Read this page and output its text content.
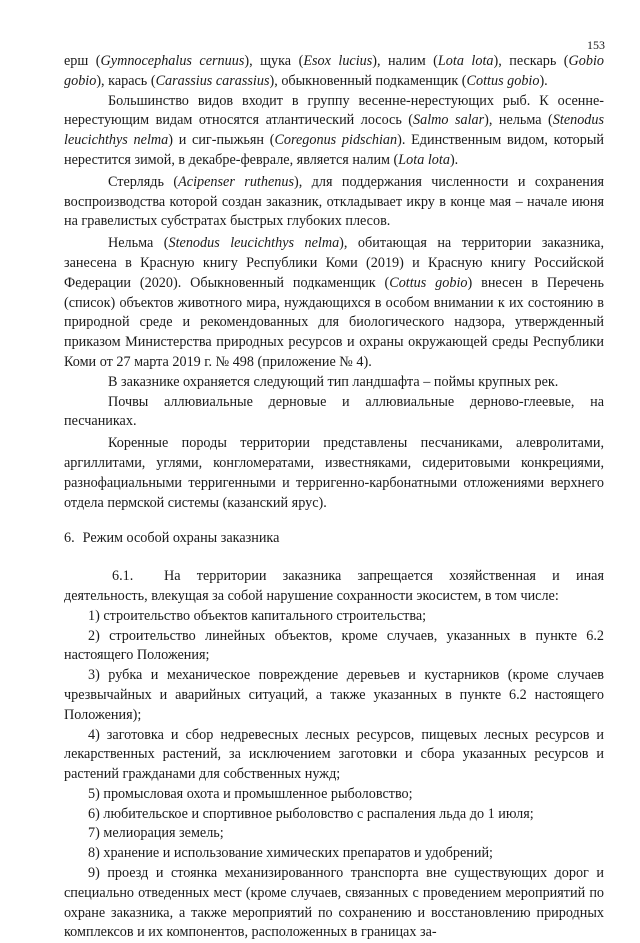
153

ерш (Gymnocephalus cernuus), щука (Esox lucius), налим (Lota lota), пескарь (Gobio gobio), карась (Carassius carassius), обыкновенный подкаменщик (Cottus gobio).

Большинство видов входит в группу весенне-нерестующих рыб. К осенне-нерестующим видам относятся атлантический лосось (Salmo salar), нельма (Stenodus leucichthys nelma) и сиг-пыжьян (Coregonus pidschian). Единственным видом, который нерестится зимой, в декабре-феврале, является налим (Lota lota).

Стерлядь (Acipenser ruthenus), для поддержания численности и сохранения воспроизводства которой создан заказник, откладывает икру в конце мая – начале июня на гравелистых субстратах быстрых глубоких плесов.

Нельма (Stenodus leucichthys nelma), обитающая на территории заказника, занесена в Красную книгу Республики Коми (2019) и Красную книгу Российской Федерации (2020). Обыкновенный подкаменщик (Cottus gobio) внесен в Перечень (список) объектов животного мира, нуждающихся в особом внимании к их состоянию в природной среде и рекомендованных для биологического надзора, утвержденный приказом Министерства природных ресурсов и охраны окружающей среды Республики Коми от 27 марта 2019 г. № 498 (приложение № 4).

В заказнике охраняется следующий тип ландшафта – поймы крупных рек.

Почвы аллювиальные дерновые и аллювиальные дерново-глеевые, на песчаниках.

Коренные породы территории представлены песчаниками, алевролитами, аргиллитами, углями, конгломератами, известняками, сидеритовыми конкрециями, разнофациальными терригенными и терригенно-карбонатными отложениями верхнего отдела пермской системы (казанский ярус).

6. Режим особой охраны заказника

6.1. На территории заказника запрещается хозяйственная и иная деятельность, влекущая за собой нарушение сохранности экосистем, в том числе:

1) строительство объектов капитального строительства;

2) строительство линейных объектов, кроме случаев, указанных в пункте 6.2 настоящего Положения;

3) рубка и механическое повреждение деревьев и кустарников (кроме случаев чрезвычайных и аварийных ситуаций, а также указанных в пункте 6.2 настоящего Положения);

4) заготовка и сбор недревесных лесных ресурсов, пищевых лесных ресурсов и лекарственных растений, за исключением заготовки и сбора указанных ресурсов и растений гражданами для собственных нужд;

5) промысловая охота и промышленное рыболовство;

6) любительское и спортивное рыболовство с распаления льда до 1 июля;

7) мелиорация земель;

8) хранение и использование химических препаратов и удобрений;

9) проезд и стоянка механизированного транспорта вне существующих дорог и специально отведенных мест (кроме случаев, связанных с проведением мероприятий по охране заказника, а также мероприятий по сохранению и восстановлению природных комплексов и их компонентов, расположенных в границах за-
